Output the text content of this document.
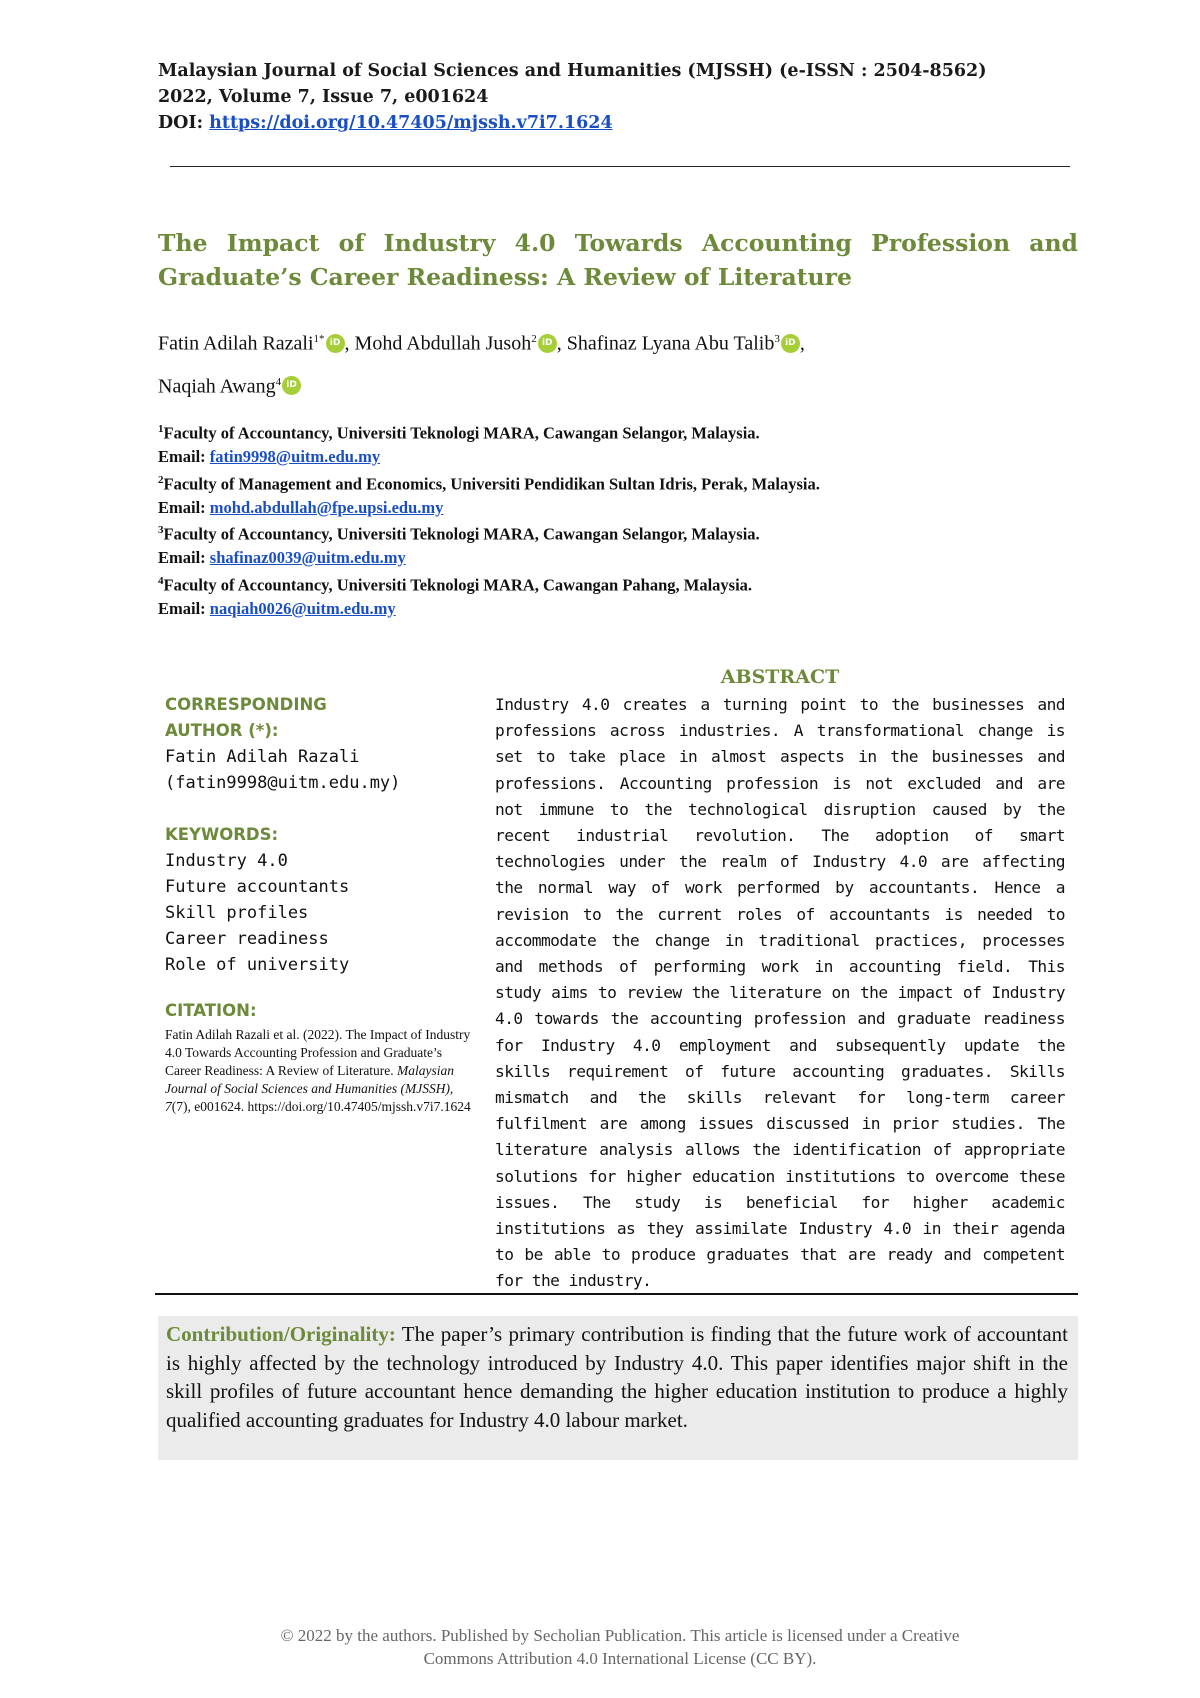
Malaysian Journal of Social Sciences and Humanities (MJSSH) (e-ISSN : 2504-8562)
2022, Volume 7, Issue 7, e001624
DOI: https://doi.org/10.47405/mjssh.v7i7.1624
The Impact of Industry 4.0 Towards Accounting Profession and
Graduate’s Career Readiness: A Review of Literature
Fatin Adilah Razali$^{1*}$ iD , Mohd Abdullah Jusoh$^2$ iD , Shafinaz Lyana Abu Talib$^3$ iD ,
Naqiah Awang$^4$ iD
$^1$Faculty of Accountancy, Universiti Teknologi MARA, Cawangan Selangor, Malaysia.
Email: fatin9998@uitm.edu.my
$^2$Faculty of Management and Economics, Universiti Pendidikan Sultan Idris, Perak, Malaysia.
Email: mohd.abdullah@fpe.upsi.edu.my
$^3$Faculty of Accountancy, Universiti Teknologi MARA, Cawangan Selangor, Malaysia.
Email: shafinaz0039@uitm.edu.my
$^4$Faculty of Accountancy, Universiti Teknologi MARA, Cawangan Pahang, Malaysia.
Email: naqiah0026@uitm.edu.my
CORRESPONDING
AUTHOR (*):
Fatin Adilah Razali
(fatin9998@uitm.edu.my)
KEYWORDS:
Industry 4.0
Future accountants
Skill profiles
Career readiness
Role of university
CITATION:
Fatin Adilah Razali et al. (2022). The Impact of Industry 4.0 Towards Accounting Profession and Graduate’s Career Readiness: A Review of Literature. Malaysian Journal of Social Sciences and Humanities (MJSSH), 7(7), e001624. https://doi.org/10.47405/mjssh.v7i7.1624
ABSTRACT
Industry 4.0 creates a turning point to the businesses and professions across industries. A transformational change is set to take place in almost aspects in the businesses and professions. Accounting profession is not excluded and are not immune to the technological disruption caused by the recent industrial revolution. The adoption of smart technologies under the realm of Industry 4.0 are affecting the normal way of work performed by accountants. Hence a revision to the current roles of accountants is needed to accommodate the change in traditional practices, processes and methods of performing work in accounting field. This study aims to review the literature on the impact of Industry 4.0 towards the accounting profession and graduate readiness for Industry 4.0 employment and subsequently update the skills requirement of future accounting graduates. Skills mismatch and the skills relevant for long-term career fulfilment are among issues discussed in prior studies. The literature analysis allows the identification of appropriate solutions for higher education institutions to overcome these issues. The study is beneficial for higher academic institutions as they assimilate Industry 4.0 in their agenda to be able to produce graduates that are ready and competent for the industry.
Contribution/Originality: The paper’s primary contribution is finding that the future work of accountant is highly affected by the technology introduced by Industry 4.0. This paper identifies major shift in the skill profiles of future accountant hence demanding the higher education institution to produce a highly qualified accounting graduates for Industry 4.0 labour market.
© 2022 by the authors. Published by Secholian Publication. This article is licensed under a Creative
Commons Attribution 4.0 International License (CC BY).
